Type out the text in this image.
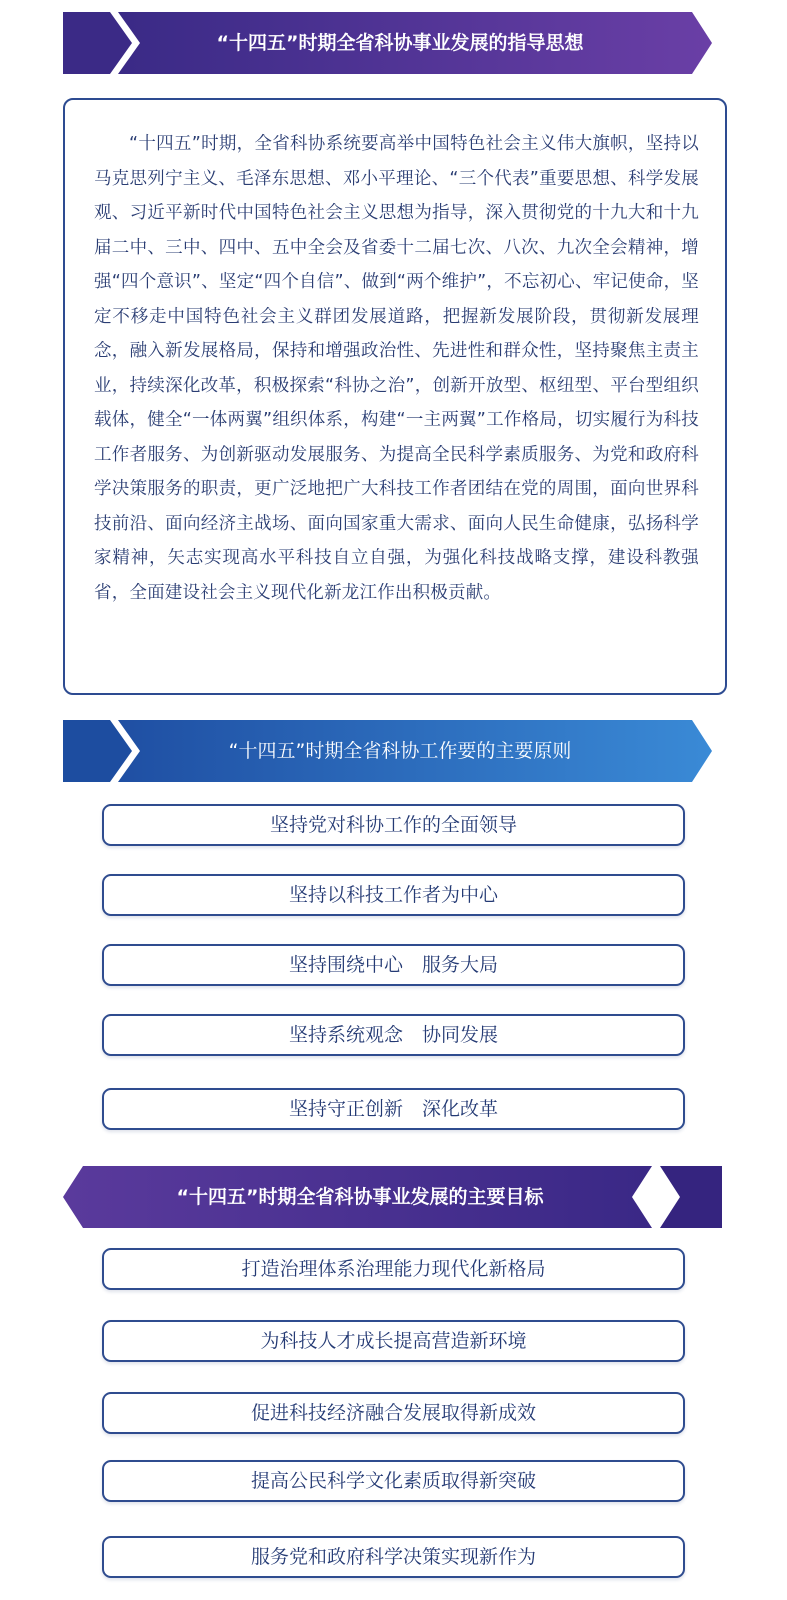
“十四五”时期全省科协事业发展的指导思想

“十四五”时期，全省科协系统要高举中国特色社会主义伟大旗帜，坚持以马克思列宁主义、毛泽东思想、邓小平理论、“三个代表”重要思想、科学发展观、习近平新时代中国特色社会主义思想为指导，深入贯彻党的十九大和十九届二中、三中、四中、五中全会及省委十二届七次、八次、九次全会精神，增强“四个意识”、坚定“四个自信”、做到“两个维护”，不忘初心、牢记使命，坚定不移走中国特色社会主义群团发展道路，把握新发展阶段，贯彻新发展理念，融入新发展格局，保持和增强政治性、先进性和群众性，坚持聚焦主责主业，持续深化改革，积极探索“科协之治”，创新开放型、枢纽型、平台型组织载体，健全“一体两翼”组织体系，构建“一主两翼”工作格局，切实履行为科技工作者服务、为创新驱动发展服务、为提高全民科学素质服务、为党和政府科学决策服务的职责，更广泛地把广大科技工作者团结在党的周围，面向世界科技前沿、面向经济主战场、面向国家重大需求、面向人民生命健康，弘扬科学家精神，矢志实现高水平科技自立自强，为强化科技战略支撑，建设科教强省，全面建设社会主义现代化新龙江作出积极贡献。

“十四五”时期全省科协工作要的主要原则
坚持党对科协工作的全面领导
坚持以科技工作者为中心
坚持围绕中心　服务大局
坚持系统观念　协同发展
坚持守正创新　深化改革
“十四五”时期全省科协事业发展的主要目标
打造治理体系治理能力现代化新格局
为科技人才成长提高营造新环境
促进科技经济融合发展取得新成效
提高公民科学文化素质取得新突破
服务党和政府科学决策实现新作为
